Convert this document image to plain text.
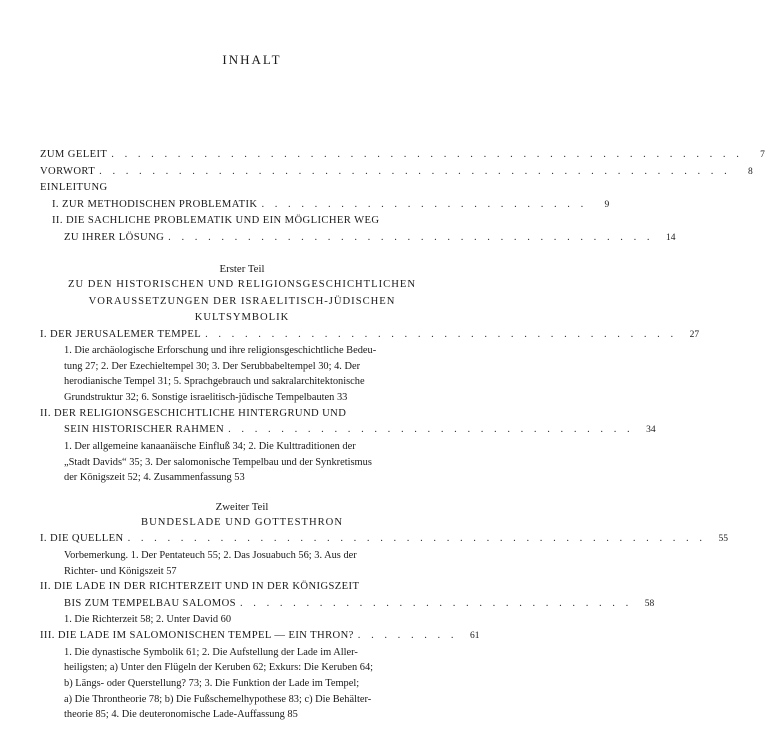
INHALT
ZUM GELEIT . . . . . . . . . . . . . . . . . . . . . . . . . . . . . . . . . . . . . . . . . . . . . . . .	7
VORWORT . . . . . . . . . . . . . . . . . . . . . . . . . . . . . . . . . . . . . . . . . . . . . . . .	8
EINLEITUNG
I. ZUR METHODISCHEN PROBLEMATIK . . . . . . . . . . . . . . . . . . . . . . . . .	9
II. DIE SACHLICHE PROBLEMATIK UND EIN MÖGLICHER WEG
ZU IHRER LÖSUNG . . . . . . . . . . . . . . . . . . . . . . . . . . . . . . . . . . . . .	14
Erster Teil
ZU DEN HISTORISCHEN UND RELIGIONSGESCHICHTLICHEN
VORAUSSETZUNGEN DER ISRAELITISCH-JÜDISCHEN
KULTSYMBOLIK
I. DER JERUSALEMER TEMPEL . . . . . . . . . . . . . . . . . . . . . . . . . . . . . . . . . . . .	27
1. Die archäologische Erforschung und ihre religionsgeschichtliche Bedeu-
tung 27; 2. Der Ezechieltempel 30; 3. Der Serubbabeltempel 30; 4. Der
herodianische Tempel 31; 5. Sprachgebrauch und sakralarchitektonische
Grundstruktur 32; 6. Sonstige israelitisch-jüdische Tempelbauten 33
II. DER RELIGIONSGESCHICHTLICHE HINTERGRUND UND
SEIN HISTORISCHER RAHMEN . . . . . . . . . . . . . . . . . . . . . . . . . . . . . . .	34
1. Der allgemeine kanaanäische Einfluß 34; 2. Die Kulttraditionen der
„Stadt Davids“ 35; 3. Der salomonische Tempelbau und der Synkretismus
der Königszeit 52; 4. Zusammenfassung 53
Zweiter Teil
BUNDESLADE UND GOTTESTHRON
I. DIE QUELLEN . . . . . . . . . . . . . . . . . . . . . . . . . . . . . . . . . . . . . . . . . . . .	55
Vorbemerkung. 1. Der Pentateuch 55; 2. Das Josuabuch 56; 3. Aus der
Richter- und Königszeit 57
II. DIE LADE IN DER RICHTERZEIT UND IN DER KÖNIGSZEIT
BIS ZUM TEMPELBAU SALOMOS . . . . . . . . . . . . . . . . . . . . . . . . . . . . . .	58
1. Die Richterzeit 58; 2. Unter David 60
III. DIE LADE IM SALOMONISCHEN TEMPEL — EIN THRON? . . . . . . . .	61
1. Die dynastische Symbolik 61; 2. Die Aufstellung der Lade im Aller-
heiligsten; a) Unter den Flügeln der Keruben 62; Exkurs: Die Keruben 64;
b) Längs- oder Querstellung? 73; 3. Die Funktion der Lade im Tempel;
a) Die Throntheorie 78; b) Die Fußschemelhypothese 83; c) Die Behälter-
theorie 85; 4. Die deuteronomische Lade-Auffassung 85
